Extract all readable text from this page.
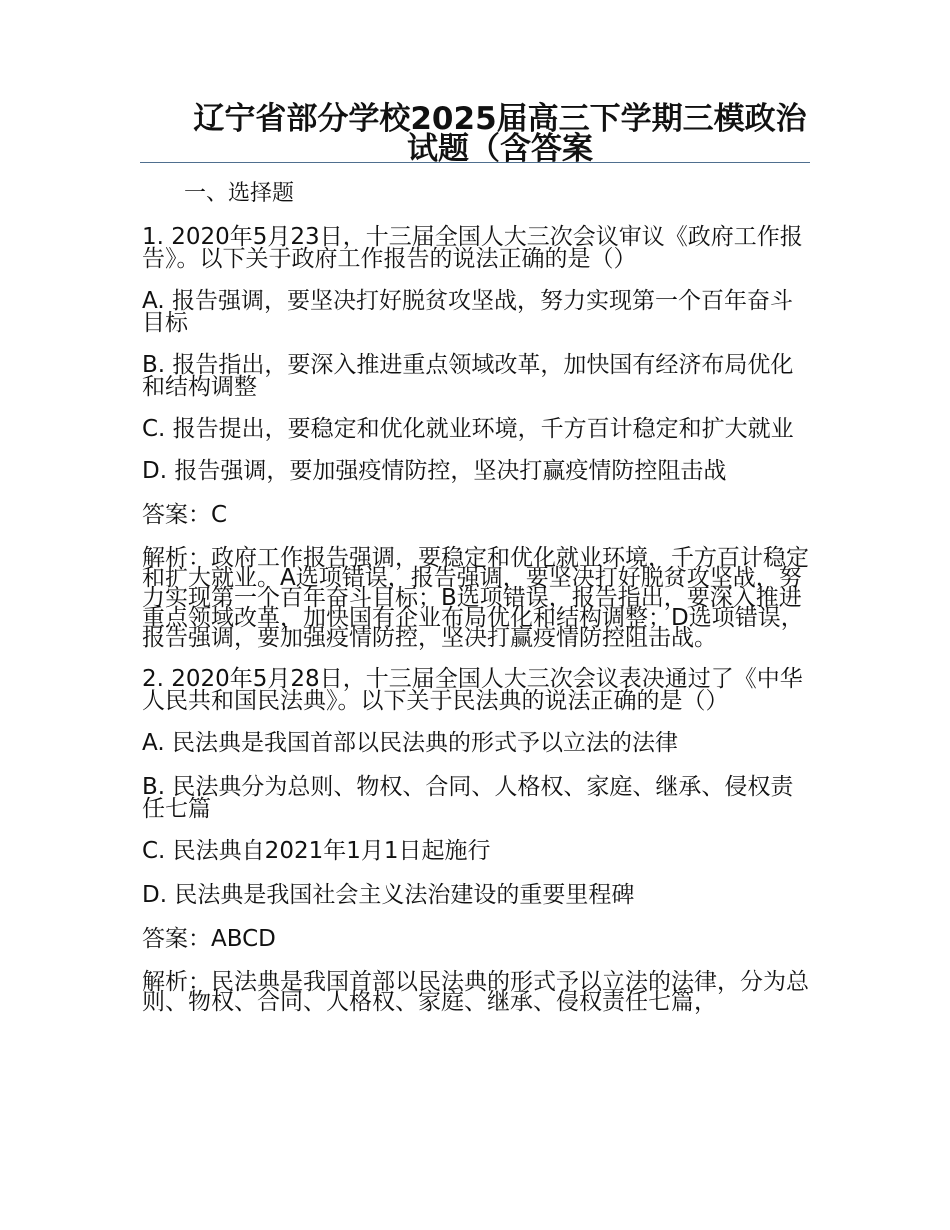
辽宁省部分学校2025届高三下学期三模政治试题（含答案
一、选择题

1. 2020年5月23日，十三届全国人大三次会议审议《政府工作报告》。以下关于政府工作报告的说法正确的是（）

A. 报告强调，要坚决打好脱贫攻坚战，努力实现第一个百年奋斗目标

B. 报告指出，要深入推进重点领域改革，加快国有经济布局优化和结构调整

C. 报告提出，要稳定和优化就业环境，千方百计稳定和扩大就业

D. 报告强调，要加强疫情防控，坚决打赢疫情防控阻击战

答案：C

解析：政府工作报告强调，要稳定和优化就业环境，千方百计稳定和扩大就业。A选项错误，报告强调，要坚决打好脱贫攻坚战，努力实现第一个百年奋斗目标；B选项错误，报告指出，要深入推进重点领域改革，加快国有企业布局优化和结构调整；D选项错误，报告强调，要加强疫情防控，坚决打赢疫情防控阻击战。

2. 2020年5月28日，十三届全国人大三次会议表决通过了《中华人民共和国民法典》。以下关于民法典的说法正确的是（）

A. 民法典是我国首部以民法典的形式予以立法的法律

B. 民法典分为总则、物权、合同、人格权、家庭、继承、侵权责任七篇

C. 民法典自2021年1月1日起施行

D. 民法典是我国社会主义法治建设的重要里程碑

答案：ABCD

解析：民法典是我国首部以民法典的形式予以立法的法律，分为总则、物权、合同、人格权、家庭、继承、侵权责任七篇，
